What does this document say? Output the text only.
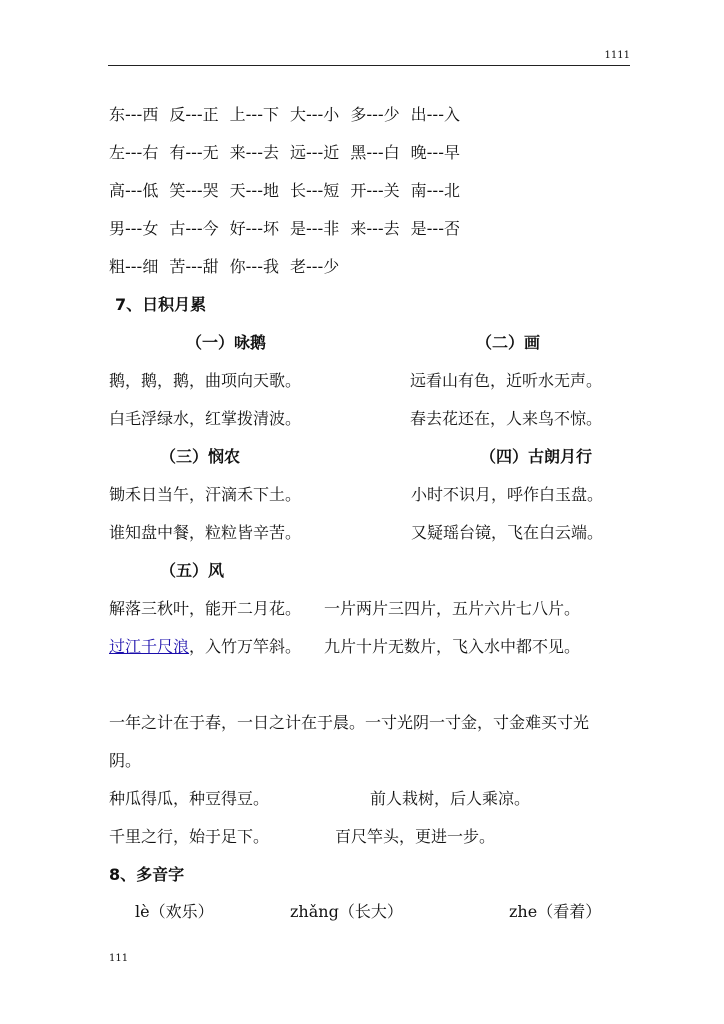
1111
东---西 反---正 上---下 大---小 多---少 出---入
左---右 有---无 来---去 远---近 黑---白 晚---早
高---低 笑---哭 天---地 长---短 开---关 南---北
男---女 古---今 好---坏 是---非 来---去 是---否
粗---细 苦---甜 你---我 老---少
7、日积月累
（一）咏鹅	（二）画
鹅，鹅，鹅，曲项向天歌。	远看山有色，近听水无声。
白毛浮绿水，红掌拨清波。	春去花还在，人来鸟不惊。
（三）悯农	（四）古朗月行
锄禾日当午，汗滴禾下土。	小时不识月，呼作白玉盘。
谁知盘中餐，粒粒皆辛苦。	又疑瑶台镜，飞在白云端。
（五）风
解落三秋叶，能开二月花。 一片两片三四片，五片六片七八片。
过江千尺浪，入竹万竿斜。 九片十片无数片，飞入水中都不见。
一年之计在于春，一日之计在于晨。一寸光阴一寸金，寸金难买寸光
阴。
种瓜得瓜，种豆得豆。	前人栽树，后人乘凉。
千里之行，始于足下。	百尺竿头，更进一步。
8、多音字
lè（欢乐）	zhǎng（长大）	zhe（看着）
111
